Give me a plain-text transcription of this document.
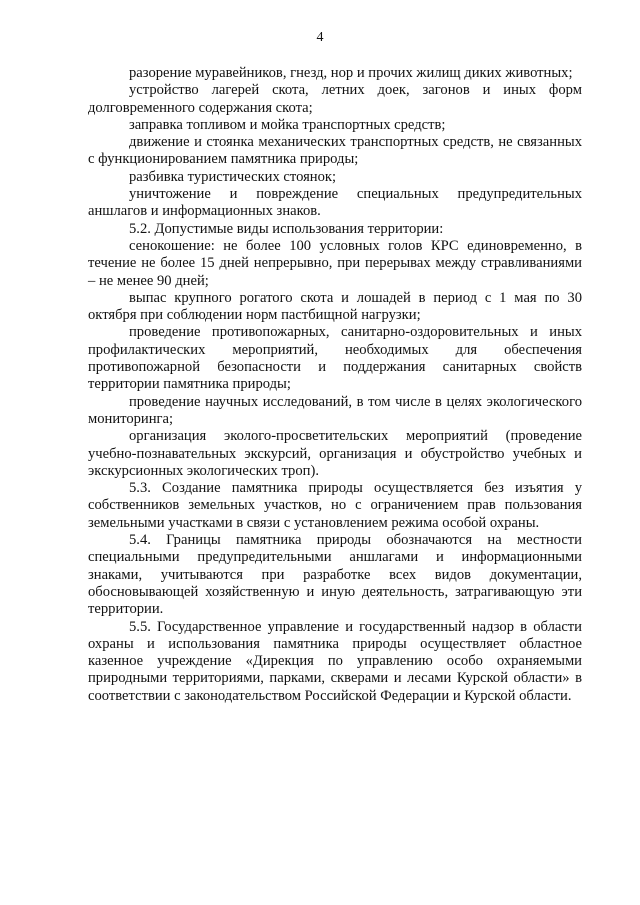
4

разорение муравейников, гнезд, нор и прочих жилищ диких животных;

устройство лагерей скота, летних доек, загонов и иных форм долговременного содержания скота;

заправка топливом и мойка транспортных средств;

движение и стоянка механических транспортных средств, не связанных с функционированием памятника природы;

разбивка туристических стоянок;

уничтожение и повреждение специальных предупредительных аншлагов и информационных знаков.

5.2. Допустимые виды использования территории:

сенокошение: не более 100 условных голов КРС единовременно, в течение не более 15 дней непрерывно, при перерывах между стравливаниями – не менее 90 дней;

выпас крупного рогатого скота и лошадей в период с 1 мая по 30 октября при соблюдении норм пастбищной нагрузки;

проведение противопожарных, санитарно-оздоровительных и иных профилактических мероприятий, необходимых для обеспечения противопожарной безопасности и поддержания санитарных свойств территории памятника природы;

проведение научных исследований, в том числе в целях экологического мониторинга;

организация эколого-просветительских мероприятий (проведение учебно-познавательных экскурсий, организация и обустройство учебных и экскурсионных экологических троп).

5.3. Создание памятника природы осуществляется без изъятия у собственников земельных участков, но с ограничением прав пользования земельными участками в связи с установлением режима особой охраны.

5.4. Границы памятника природы обозначаются на местности специальными предупредительными аншлагами и информационными знаками, учитываются при разработке всех видов документации, обосновывающей хозяйственную и иную деятельность, затрагивающую эти территории.

5.5. Государственное управление и государственный надзор в области охраны и использования памятника природы осуществляет областное казенное учреждение «Дирекция по управлению особо охраняемыми природными территориями, парками, скверами и лесами Курской области» в соответствии с законодательством Российской Федерации и Курской области.
